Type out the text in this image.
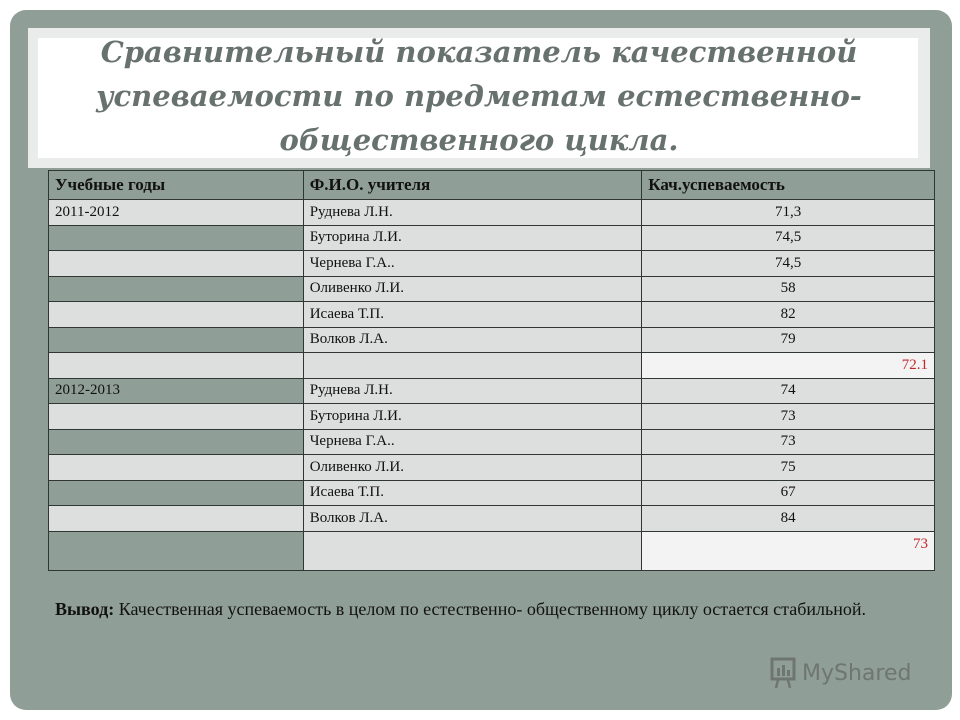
Сравнительный показатель качественной успеваемости по предметам естественно-общественного цикла.
Учебные годы	Ф.И.О. учителя	Кач.успеваемость
2011-2012	Руднева Л.Н.	71,3
	Буторина Л.И.	74,5
	Чернева Г.А..	74,5
	Оливенко Л.И.	58
	Исаева Т.П.	82
	Волков Л.А.	79
		72.1
2012-2013	Руднева Л.Н.	74
	Буторина Л.И.	73
	Чернева Г.А..	73
	Оливенко Л.И.	75
	Исаева Т.П.	67
	Волков Л.А.	84
		73
Вывод: Качественная успеваемость в целом по естественно- общественному циклу остается стабильной.
MyShared
